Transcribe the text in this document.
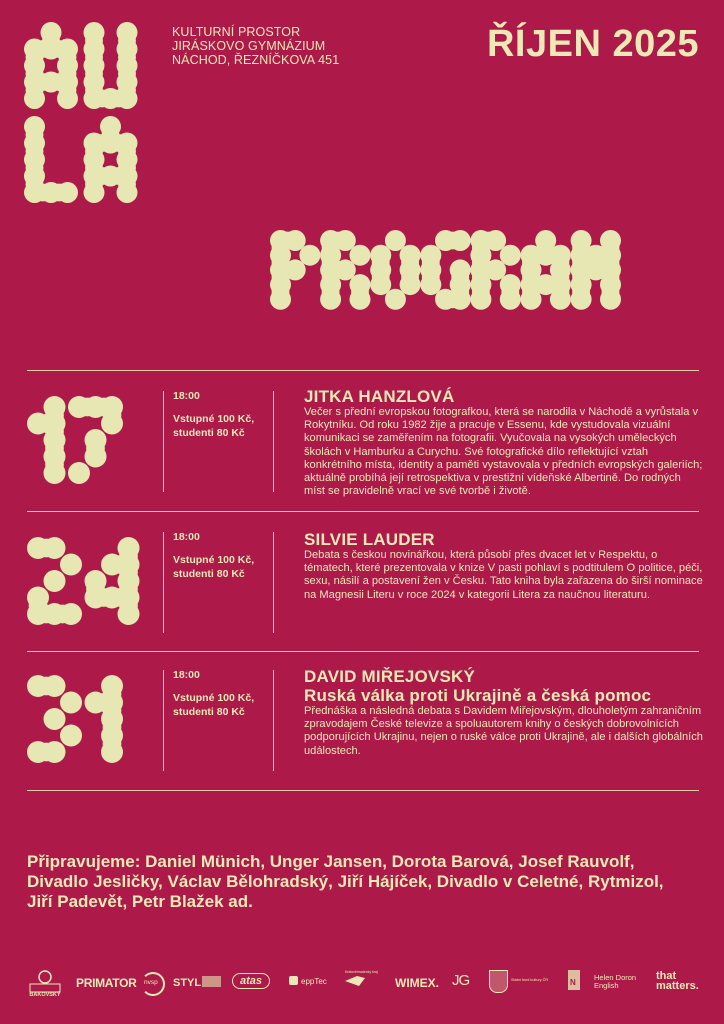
KULTURNÍ PROSTOR
JIRÁSKOVO GYMNÁZIUM
NÁCHOD, ŘEZNÍČKOVA 451	ŘÍJEN 2025
18:00
Vstupné 100 Kč,
studenti 80 Kč
JITKA HANZLOVÁ
Večer s přední evropskou fotografkou, která se narodila v Náchodě a vyrůstala v Rokytníku. Od roku 1982 žije a pracuje v Essenu, kde vystudovala vizuální komunikaci se zaměřením na fotografii. Vyučovala na vysokých uměleckých školách v Hamburku a Curychu. Své fotografické dílo reflektující vztah konkrétního místa, identity a paměti vystavovala v předních evropských galeriích; aktuálně probíhá její retrospektiva v prestižní vídeňské Albertině. Do rodných míst se pravidelně vrací ve své tvorbě i životě.
18:00
Vstupné 100 Kč,
studenti 80 Kč
SILVIE LAUDER
Debata s českou novinářkou, která působí přes dvacet let v Respektu, o tématech, které prezentovala v knize V pasti pohlaví s podtitulem O politice, péči, sexu, násilí a postavení žen v Česku. Tato kniha byla zařazena do širší nominace na Magnesii Literu v roce 2024 v kategorii Litera za naučnou literaturu.
18:00
Vstupné 100 Kč,
studenti 80 Kč
DAVID MIŘEJOVSKÝ
Ruská válka proti Ukrajině a česká pomoc
Přednáška a následná debata s Davidem Miřejovským, dlouholetým zahraničním zpravodajem České televize a spoluautorem knihy o českých dobrovolnících podporujících Ukrajinu, nejen o ruské válce proti Ukrajině, ale i dalších globálních událostech.
Připravujeme: Daniel Münich, Unger Jansen, Dorota Barová, Josef Rauvolf, Divadlo Jesličky, Václav Bělohradský, Jiří Hájíček, Divadlo v Celetné, Rytmizol, Jiří Padevět, Petr Blažek ad.
BAKOVSKÝ
PRIMATOR nvsp STYL	atas	eppTec
Královéhradecký kraj
WIMEX. JG	Státní fond kultury ČR	N
Helen Doron English
that matters.
